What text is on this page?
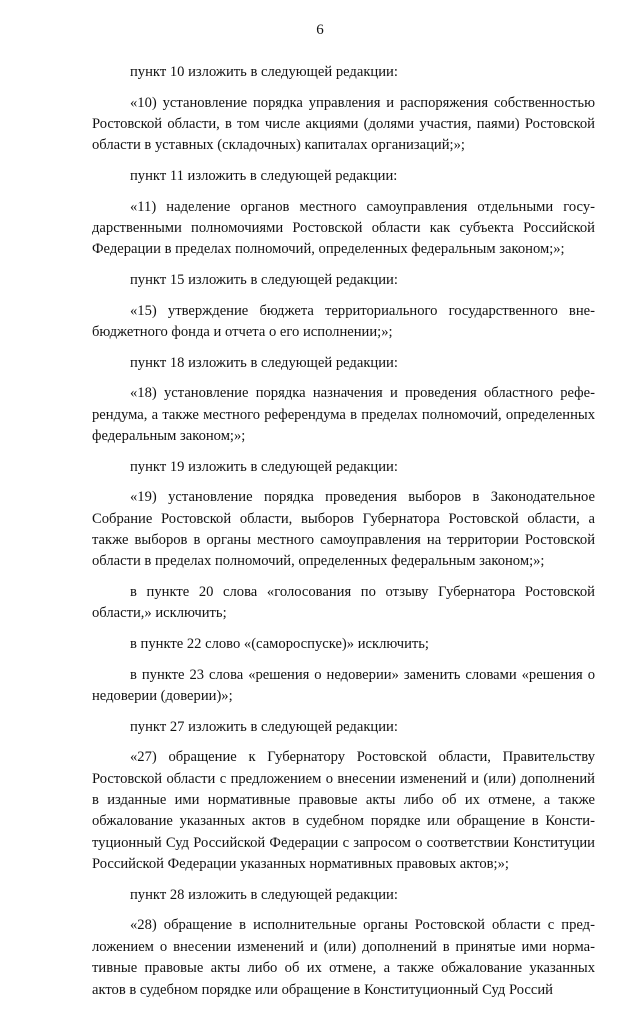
6

пункт 10 изложить в следующей редакции:

«10) установление порядка управления и распоряжения собственностью Ростовской области, в том числе акциями (долями участия, паями) Ростовской области в уставных (складочных) капиталах организаций;»;

пункт 11 изложить в следующей редакции:

«11) наделение органов местного самоуправления отдельными государственными полномочиями Ростовской области как субъекта Российской Федерации в пределах полномочий, определенных федеральным законом;»;

пункт 15 изложить в следующей редакции:

«15) утверждение бюджета территориального государственного внебюджетного фонда и отчета о его исполнении;»;

пункт 18 изложить в следующей редакции:

«18) установление порядка назначения и проведения областного референдума, а также местного референдума в пределах полномочий, определенных федеральным законом;»;

пункт 19 изложить в следующей редакции:

«19) установление порядка проведения выборов в Законодательное Собрание Ростовской области, выборов Губернатора Ростовской области, а также выборов в органы местного самоуправления на территории Ростовской области в пределах полномочий, определенных федеральным законом;»;

в пункте 20 слова «голосования по отзыву Губернатора Ростовской области,» исключить;

в пункте 22 слово «(самороспуске)» исключить;

в пункте 23 слова «решения о недоверии» заменить словами «решения о недоверии (доверии)»;

пункт 27 изложить в следующей редакции:

«27) обращение к Губернатору Ростовской области, Правительству Ростовской области с предложением о внесении изменений и (или) дополнений в изданные ими нормативные правовые акты либо об их отмене, а также обжалование указанных актов в судебном порядке или обращение в Конституционный Суд Российской Федерации с запросом о соответствии Конституции Российской Федерации указанных нормативных правовых актов;»;

пункт 28 изложить в следующей редакции:

«28) обращение в исполнительные органы Ростовской области с предложением о внесении изменений и (или) дополнений в принятые ими нормативные правовые акты либо об их отмене, а также обжалование указанных актов в судебном порядке или обращение в Конституционный Суд Россий
